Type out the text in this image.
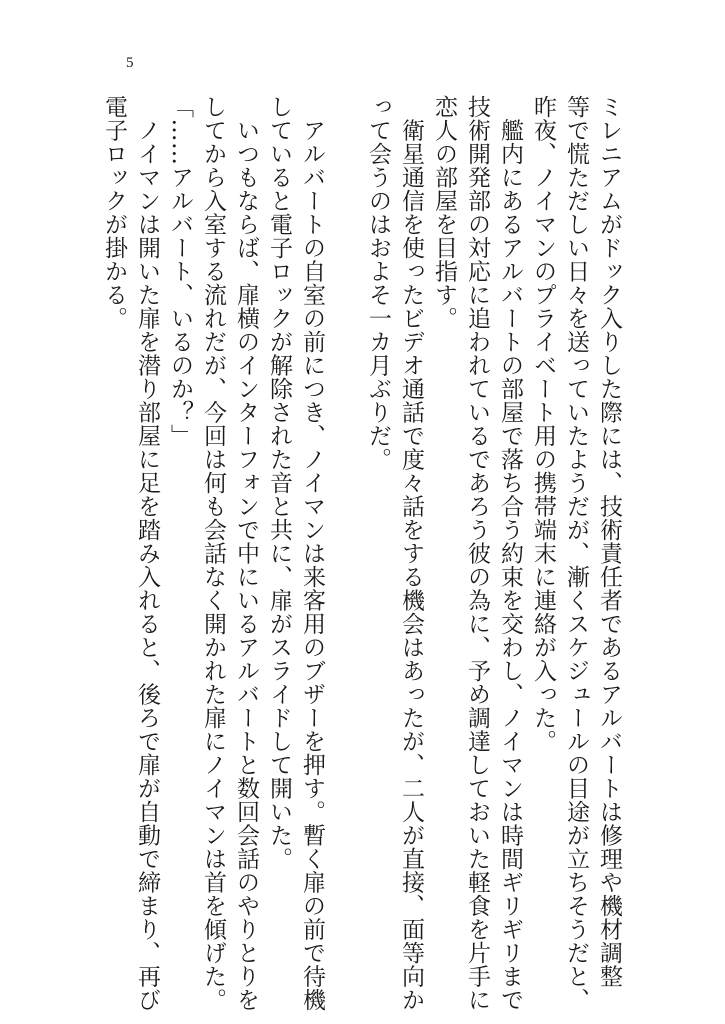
5

ミレニアムがドック入りした際には、技術責任者であるアルバートは修理や機材調整

等で慌ただしい日々を送っていたようだが、漸くスケジュールの目途が立ちそうだと、

昨夜、ノイマンのプライベート用の携帯端末に連絡が入った。

　艦内にあるアルバートの部屋で落ち合う約束を交わし、ノイマンは時間ギリギリまで

技術開発部の対応に追われているであろう彼の為に、予め調達しておいた軽食を片手に

恋人の部屋を目指す。

　衛星通信を使ったビデオ通話で度々話をする機会はあったが、二人が直接、面等向か

って会うのはおよそ一カ月ぶりだ。

　アルバートの自室の前につき、ノイマンは来客用のブザーを押す。暫く扉の前で待機

していると電子ロックが解除された音と共に、扉がスライドして開いた。

　いつもならば、扉横のインターフォンで中にいるアルバートと数回会話のやりとりを

してから入室する流れだが、今回は何も会話なく開かれた扉にノイマンは首を傾げた。

「……アルバート、いるのか？」

　ノイマンは開いた扉を潜り部屋に足を踏み入れると、後ろで扉が自動で締まり、再び

電子ロックが掛かる。
